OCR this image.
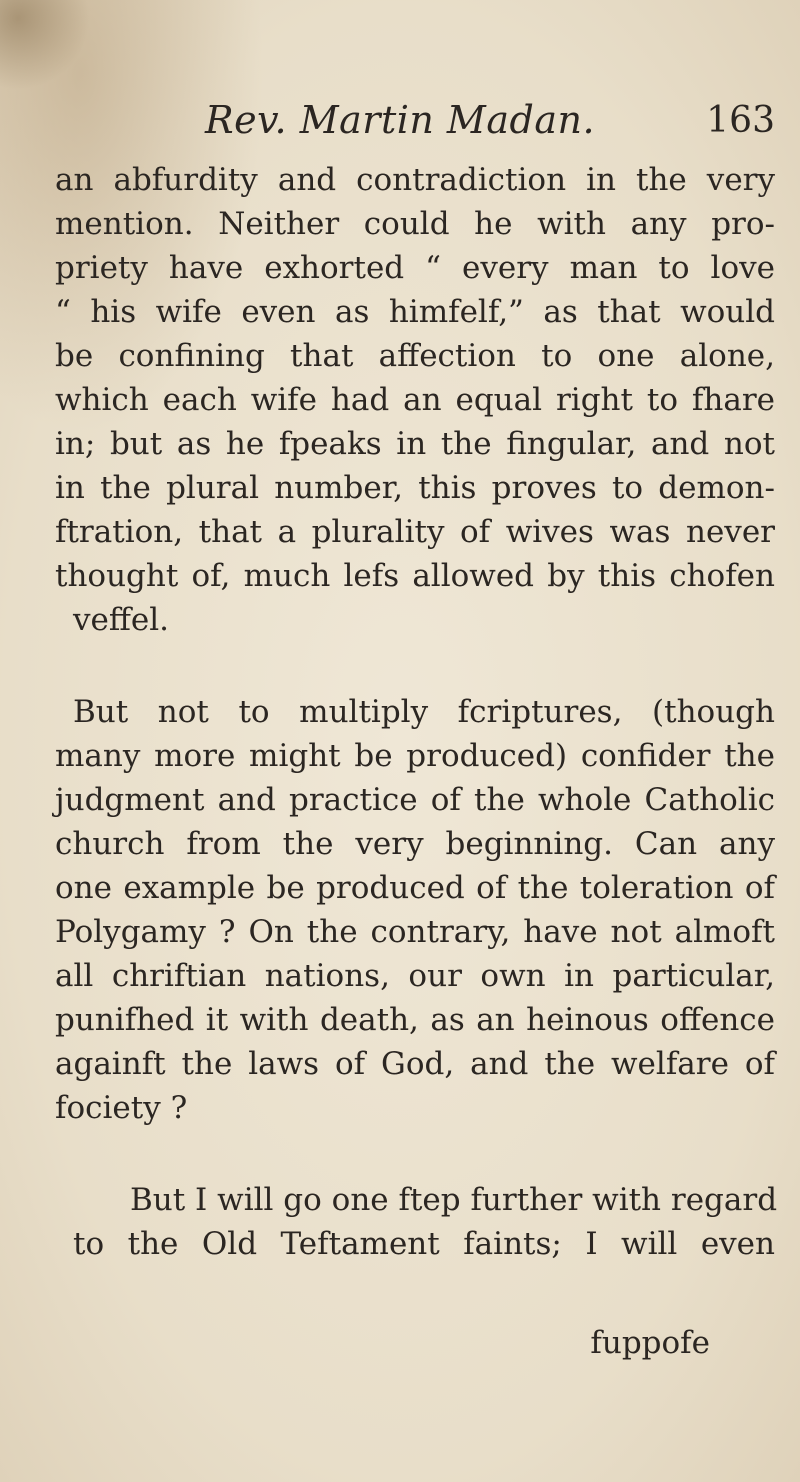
Rev. Martin Madan.	163
an abfurdity and contradiction in the very
mention. Neither could he with any pro-
priety have exhorted “ every man to love
“ his wife even as himfelf,” as that would
be confining that affection to one alone,
which each wife had an equal right to fhare
in; but as he fpeaks in the fingular, and not
in the plural number, this proves to demon-
ftration, that a plurality of wives was never
thought of, much lefs allowed by this chofen
veffel.
But not to multiply fcriptures, (though
many more might be produced) confider the
judgment and practice of the whole Catholic
church from the very beginning. Can any
one example be produced of the toleration of
Polygamy ? On the contrary, have not almoft
all chriftian nations, our own in particular,
punifhed it with death, as an heinous offence
againft the laws of God, and the welfare of
fociety ?
But I will go one ftep further with regard
to the Old Teftament faints; I will even
fuppofe
